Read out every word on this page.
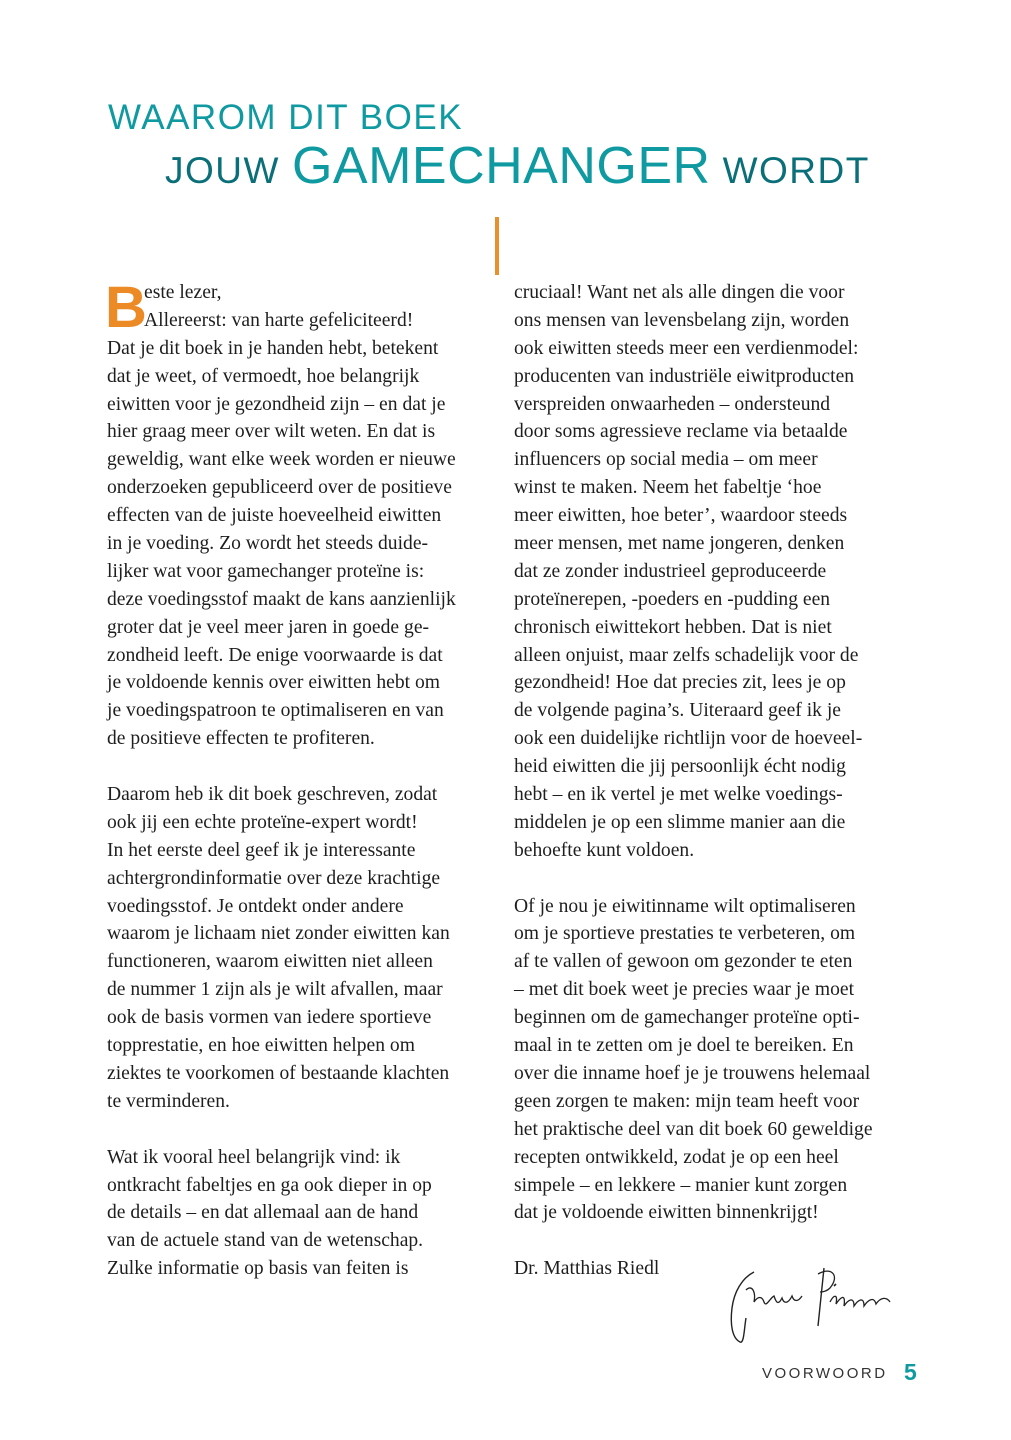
WAAROM DIT BOEK
JOUW GAMECHANGER WORDT
B
este lezer,
Allereerst: van harte gefeliciteerd!
Dat je dit boek in je handen hebt, betekent
dat je weet, of vermoedt, hoe belangrijk
eiwitten voor je gezondheid zijn – en dat je
hier graag meer over wilt weten. En dat is
geweldig, want elke week worden er nieuwe
onderzoeken gepubliceerd over de positieve
effecten van de juiste hoeveelheid eiwitten
in je voeding. Zo wordt het steeds duide-
lijker wat voor gamechanger proteïne is:
deze voedingsstof maakt de kans aanzienlijk
groter dat je veel meer jaren in goede ge-
zondheid leeft. De enige voorwaarde is dat
je voldoende kennis over eiwitten hebt om
je voedingspatroon te optimaliseren en van
de positieve effecten te profiteren.
Daarom heb ik dit boek geschreven, zodat
ook jij een echte proteïne-expert wordt!
In het eerste deel geef ik je interessante
achtergrondinformatie over deze krachtige
voedingsstof. Je ontdekt onder andere
waarom je lichaam niet zonder eiwitten kan
functioneren, waarom eiwitten niet alleen
de nummer 1 zijn als je wilt afvallen, maar
ook de basis vormen van iedere sportieve
topprestatie, en hoe eiwitten helpen om
ziektes te voorkomen of bestaande klachten
te verminderen.
Wat ik vooral heel belangrijk vind: ik
ontkracht fabeltjes en ga ook dieper in op
de details – en dat allemaal aan de hand
van de actuele stand van de wetenschap.
Zulke informatie op basis van feiten is
cruciaal! Want net als alle dingen die voor
ons mensen van levensbelang zijn, worden
ook eiwitten steeds meer een verdienmodel:
producenten van industriële eiwitproducten
verspreiden onwaarheden – ondersteund
door soms agressieve reclame via betaalde
influencers op social media – om meer
winst te maken. Neem het fabeltje ‘hoe
meer eiwitten, hoe beter’, waardoor steeds
meer mensen, met name jongeren, denken
dat ze zonder industrieel geproduceerde
proteïnerepen, -poeders en -pudding een
chronisch eiwittekort hebben. Dat is niet
alleen onjuist, maar zelfs schadelijk voor de
gezondheid! Hoe dat precies zit, lees je op
de volgende pagina’s. Uiteraard geef ik je
ook een duidelijke richtlijn voor de hoeveel-
heid eiwitten die jij persoonlijk écht nodig
hebt – en ik vertel je met welke voedings-
middelen je op een slimme manier aan die
behoefte kunt voldoen.
Of je nou je eiwitinname wilt optimaliseren
om je sportieve prestaties te verbeteren, om
af te vallen of gewoon om gezonder te eten
– met dit boek weet je precies waar je moet
beginnen om de gamechanger proteïne opti-
maal in te zetten om je doel te bereiken. En
over die inname hoef je je trouwens helemaal
geen zorgen te maken: mijn team heeft voor
het praktische deel van dit boek 60 geweldige
recepten ontwikkeld, zodat je op een heel
simpele – en lekkere – manier kunt zorgen
dat je voldoende eiwitten binnenkrijgt!
Dr. Matthias Riedl
VOORWOORD 5
